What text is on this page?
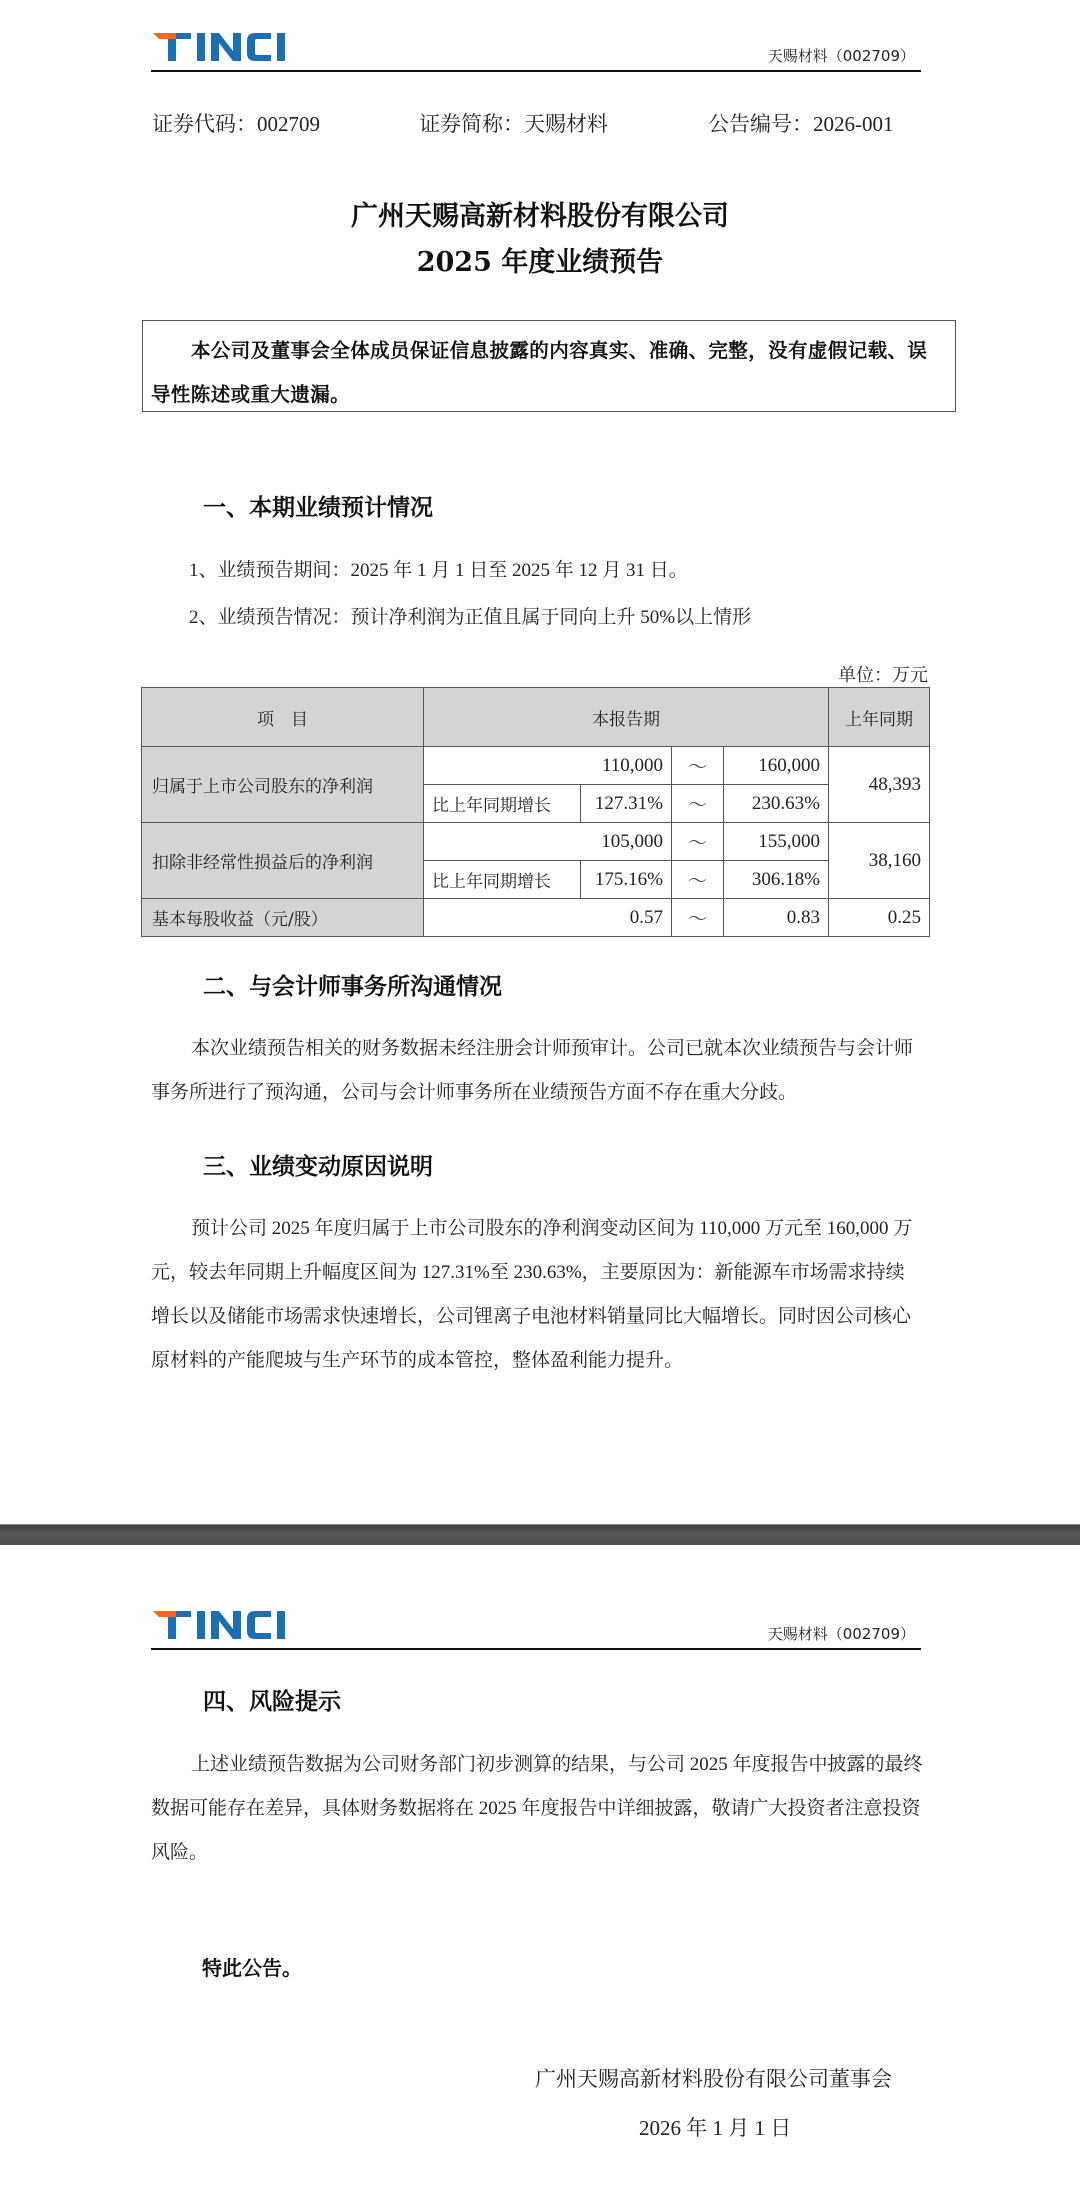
天赐材料（002709）
证券代码：002709	证券简称：天赐材料	公告编号：2026-001
广州天赐高新材料股份有限公司
2025 年度业绩预告
本公司及董事会全体成员保证信息披露的内容真实、准确、完整，没有虚假记载、误导性陈述或重大遗漏。
一、本期业绩预计情况
1、业绩预告期间：2025 年 1 月 1 日至 2025 年 12 月 31 日。
2、业绩预告情况：预计净利润为正值且属于同向上升 50%以上情形
单位：万元
项　目	本报告期				上年同期
归属于上市公司股东的净利润	110,000		～	160,000	48,393
	比上年同期增长	127.31%	～	230.63%	
扣除非经常性损益后的净利润	105,000		～	155,000	38,160
	比上年同期增长	175.16%	～	306.18%	
基本每股收益（元/股）	0.57		～	0.83	0.25
二、与会计师事务所沟通情况
本次业绩预告相关的财务数据未经注册会计师预审计。公司已就本次业绩预告与会计师事务所进行了预沟通，公司与会计师事务所在业绩预告方面不存在重大分歧。
三、业绩变动原因说明
预计公司 2025 年度归属于上市公司股东的净利润变动区间为 110,000 万元至 160,000 万元，较去年同期上升幅度区间为 127.31%至 230.63%，主要原因为：新能源车市场需求持续增长以及储能市场需求快速增长，公司锂离子电池材料销量同比大幅增长。同时因公司核心原材料的产能爬坡与生产环节的成本管控，整体盈利能力提升。
天赐材料（002709）
四、风险提示
上述业绩预告数据为公司财务部门初步测算的结果，与公司 2025 年度报告中披露的最终数据可能存在差异，具体财务数据将在 2025 年度报告中详细披露，敬请广大投资者注意投资风险。
特此公告。
广州天赐高新材料股份有限公司董事会
2026 年 1 月 1 日
